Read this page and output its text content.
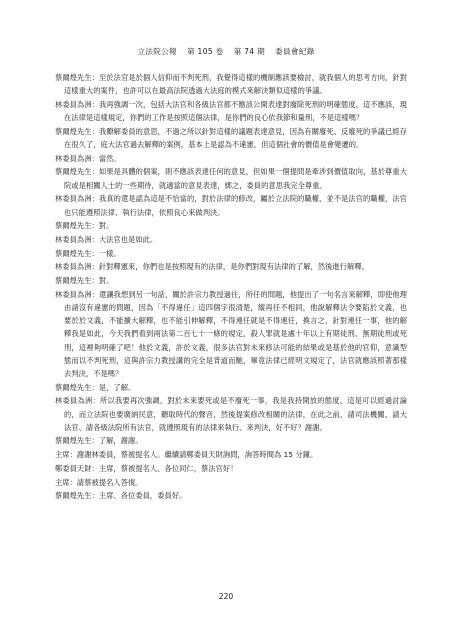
立法院公報 第 105 卷 第 74 期 委員會紀錄

蔡爾煌先生：至於法官是於個人信仰而不判死刑，我覺得這樣的機制應該要檢討，就我個人的思考方向，針對這樣重大的案件，也許可以在最高法院透過大法庭的模式來解決類似這樣的爭議。

林委員為洲：我再強調一次，包括大法官和各級法官都不應該公開表達對廢除死刑的明確態度，這不應該，現在法律是這樣規定，你們的工作是按照這個法律，是你們的良心依我節和量刑，不是這樣嗎？

蔡爾煌先生：我瞭解委員的意思，不過之所以針對這樣的議題表達意見，因為有關廢死、反廢死的爭議已經存在很久了，庭大法官過去解釋的案例，基本上是認為不違憲，但這個社會的價值是會變遷的。

林委員為洲：當然。

蔡爾煌先生：如果是具體的個案，則不應該表達任何的意見，但如果一個提問是牽涉到價值取向，基於尊重大院或是相關人士的一些期待，就適當的意見表達，綁之，委員的意思我完全尊重。

林委員為洲：我真的還是認為這是不恰當的，對於法律的修改，屬於立法院的職權，並不是法官的職權，法官也只能遵照法律、執行法律，依照良心來做判決。

蔡爾煌先生：對。

林委員為洲：大法官也是如此。

蔡爾煌先生：一樣。

林委員為洲：針對釋憲來，你們也是按照現有的法律，是你們對現有法律的了解，然後進行解釋。

蔡爾煌先生：對。

林委員為洲：還讓我想到另一句話，關於許宗力教授過往，所任的問題，他提出了一句名言來解釋，即使他理由諸沒有違憲的問題，因為「不得違任」這四個字很清楚，縱再任不相同，他說解釋法令要陷於文義，也要於於文義，不能擴大解釋，也不能引伸解釋，不得連任就是不得連任，換言之，針對連任一事，他的解釋我是如此，今天我們看到兩法第二百七十一條的規定，殺人罪就是處十年以上有期徒刑、無期徒刑或死刑，這裡夠明確了吧！他於文義，許於文義，很多法官對未來修法可能的結果或是基於他的官仰，意識型態而以不判死刑，這與許宗力教授講的完全是背道而馳，畢竟法律已經明文規定了，法官就應該照著那樣去判決，不是嗎？

蔡爾煌先生：是，了解。

林委員為洲：所以我要再次強調，對於未來要死或是不廢死一事，我是我持開放的態度，這是可以經過討論的，而立法院也要廣納民意，聽取時代的聲音，然後提案修改相關的法律，在此之前，請司法機關、請大法官、請各級法院所有法官，就遵照現有的法律來執行、來判決，好不好？謝謝。

蔡爾煌先生：了解，謝謝。

主席：謝謝林委員，蔡被提名人。繼續請鄭委員天財詢問，詢答時間為 15 分鐘。

鄭委員天財：主席，蔡被提名人、各位同仁，蔡法官好！

主席：請蔡被提名人答復。

蔡爾煌先生：主席、各位委員，委員好。

220
